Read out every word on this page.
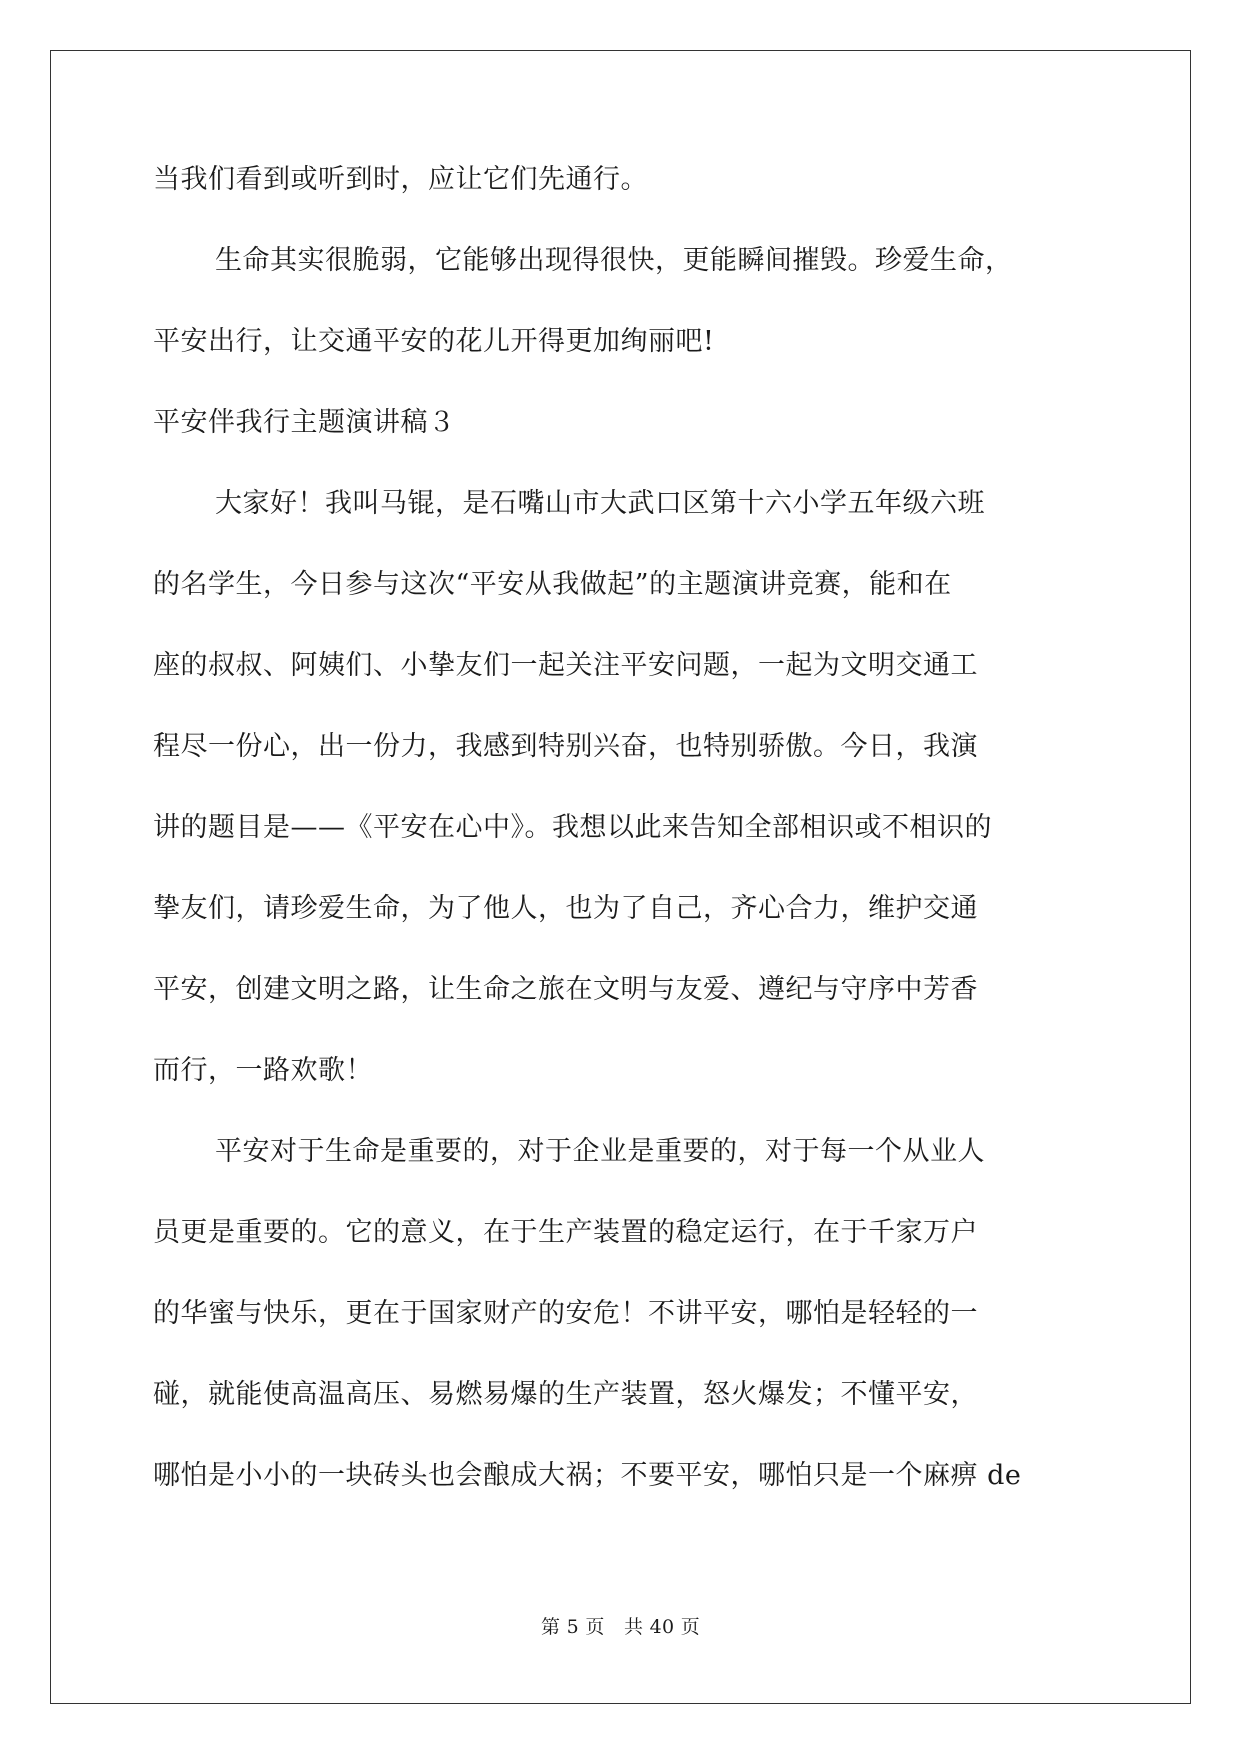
当我们看到或听到时，应让它们先通行。

生命其实很脆弱，它能够出现得很快，更能瞬间摧毁。珍爱生命，

平安出行，让交通平安的花儿开得更加绚丽吧!

平安伴我行主题演讲稿３

大家好！我叫马锟，是石嘴山市大武口区第十六小学五年级六班

的名学生，今日参与这次“平安从我做起”的主题演讲竞赛，能和在

座的叔叔、阿姨们、小挚友们一起关注平安问题，一起为文明交通工

程尽一份心，出一份力，我感到特别兴奋，也特别骄傲。今日，我演

讲的题目是——《平安在心中》。我想以此来告知全部相识或不相识的

挚友们，请珍爱生命，为了他人，也为了自己，齐心合力，维护交通

平安，创建文明之路，让生命之旅在文明与友爱、遵纪与守序中芳香

而行，一路欢歌！

平安对于生命是重要的，对于企业是重要的，对于每一个从业人

员更是重要的。它的意义，在于生产装置的稳定运行，在于千家万户

的华蜜与快乐，更在于国家财产的安危！不讲平安，哪怕是轻轻的一

碰，就能使高温高压、易燃易爆的生产装置，怒火爆发；不懂平安，

哪怕是小小的一块砖头也会酿成大祸；不要平安，哪怕只是一个麻痹 de

第 5 页　共 40 页
